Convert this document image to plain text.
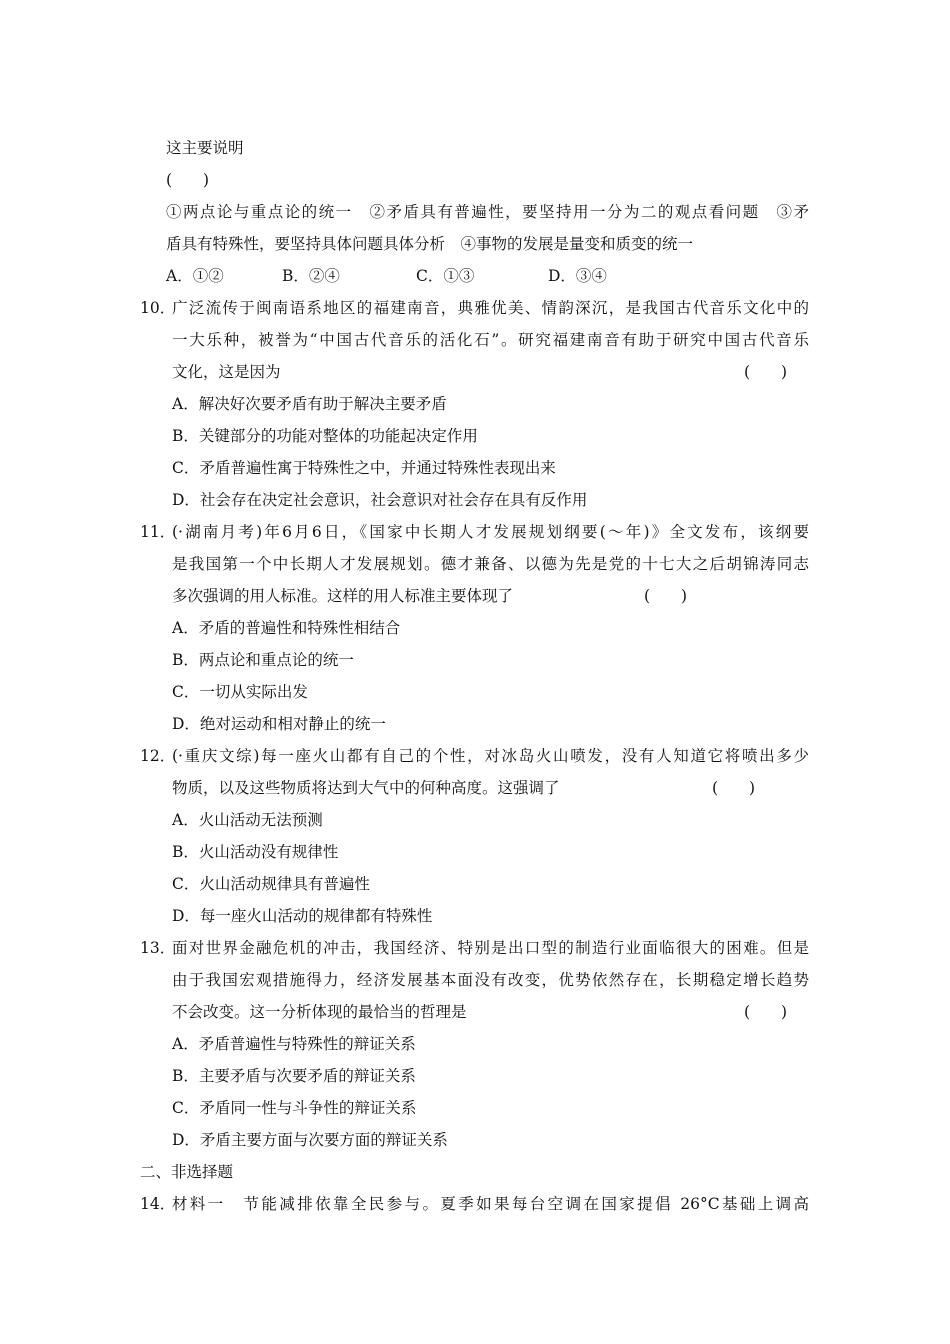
这主要说明
(　　)
①两点论与重点论的统一　②矛盾具有普遍性，要坚持用一分为二的观点看问题　③矛
盾具有特殊性，要坚持具体问题具体分析　④事物的发展是量变和质变的统一
A．①②	B．②④	C．①③	D．③④
10．
广泛流传于闽南语系地区的福建南音，典雅优美、情韵深沉，是我国古代音乐文化中的
一大乐种，被誉为“中国古代音乐的活化石”。研究福建南音有助于研究中国古代音乐
文化，这是因为	(　　)
A．解决好次要矛盾有助于解决主要矛盾
B．关键部分的功能对整体的功能起决定作用
C．矛盾普遍性寓于特殊性之中，并通过特殊性表现出来
D．社会存在决定社会意识，社会意识对社会存在具有反作用
11．
(·湖南月考)年6月6日，《国家中长期人才发展规划纲要(～年)》全文发布，该纲要
是我国第一个中长期人才发展规划。德才兼备、以德为先是党的十七大之后胡锦涛同志
多次强调的用人标准。这样的用人标准主要体现了	(　　)
A．矛盾的普遍性和特殊性相结合
B．两点论和重点论的统一
C．一切从实际出发
D．绝对运动和相对静止的统一
12．
(·重庆文综)每一座火山都有自己的个性，对冰岛火山喷发，没有人知道它将喷出多少
物质，以及这些物质将达到大气中的何种高度。这强调了	(　　)
A．火山活动无法预测
B．火山活动没有规律性
C．火山活动规律具有普遍性
D．每一座火山活动的规律都有特殊性
13．
面对世界金融危机的冲击，我国经济、特别是出口型的制造行业面临很大的困难。但是
由于我国宏观措施得力，经济发展基本面没有改变，优势依然存在，长期稳定增长趋势
不会改变。这一分析体现的最恰当的哲理是	(　　)
A．矛盾普遍性与特殊性的辩证关系
B．主要矛盾与次要矛盾的辩证关系
C．矛盾同一性与斗争性的辩证关系
D．矛盾主要方面与次要方面的辩证关系
二、非选择题
14．
材料一　节能减排依靠全民参与。夏季如果每台空调在国家提倡 26°C基础上调高
